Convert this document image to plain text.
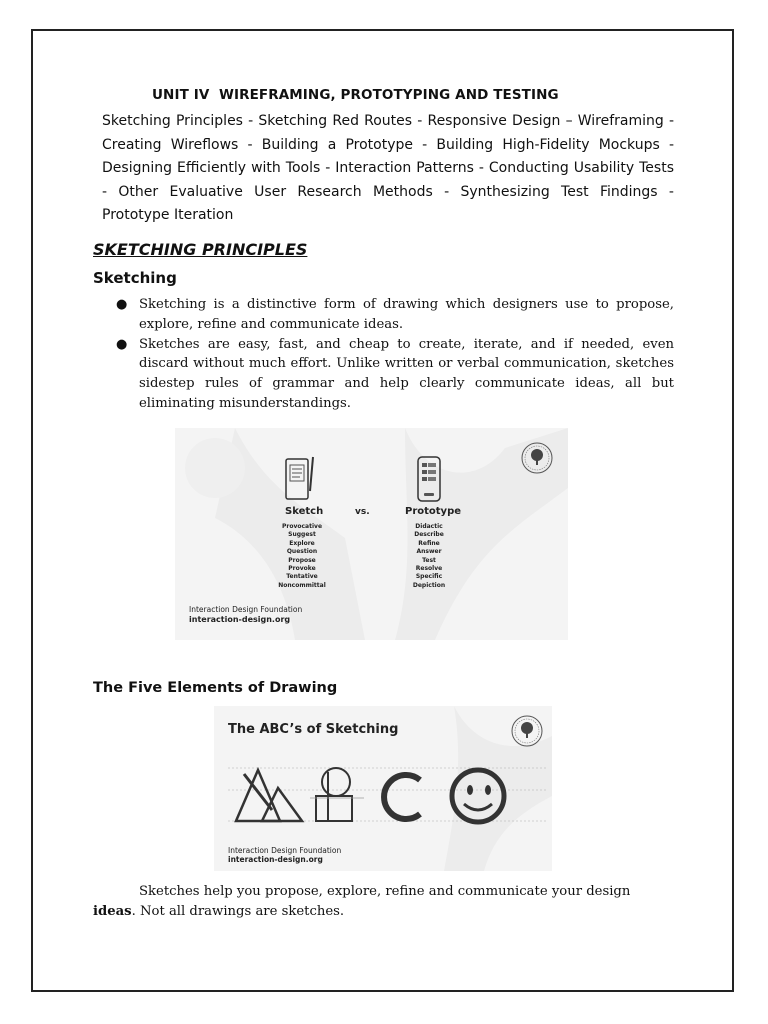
UNIT IV  WIREFRAMING, PROTOTYPING AND TESTING
Sketching Principles - Sketching Red Routes - Responsive Design – Wireframing - Creating Wireflows - Building a Prototype - Building High-Fidelity Mockups - Designing Efficiently with Tools - Interaction Patterns - Conducting Usability Tests - Other Evaluative User Research Methods - Synthesizing Test Findings - Prototype Iteration
SKETCHING PRINCIPLES
Sketching
● Sketching is a distinctive form of drawing which designers use to propose, explore, refine and communicate ideas.
● Sketches are easy, fast, and cheap to create, iterate, and if needed, even discard without much effort. Unlike written or verbal communication, sketches sidestep rules of grammar and help clearly communicate ideas, all but eliminating misunderstandings.
Sketch	vs.	Prototype
Provocative
Suggest
Explore
Question
Propose
Provoke
Tentative
Noncommittal
Didactic
Describe
Refine
Answer
Test
Resolve
Specific
Depiction
Interaction Design Foundation
interaction-design.org
The Five Elements of Drawing
The ABC’s of Sketching
Interaction Design Foundation
interaction-design.org
Sketches help you propose, explore, refine and communicate your design ideas. Not all drawings are sketches.
